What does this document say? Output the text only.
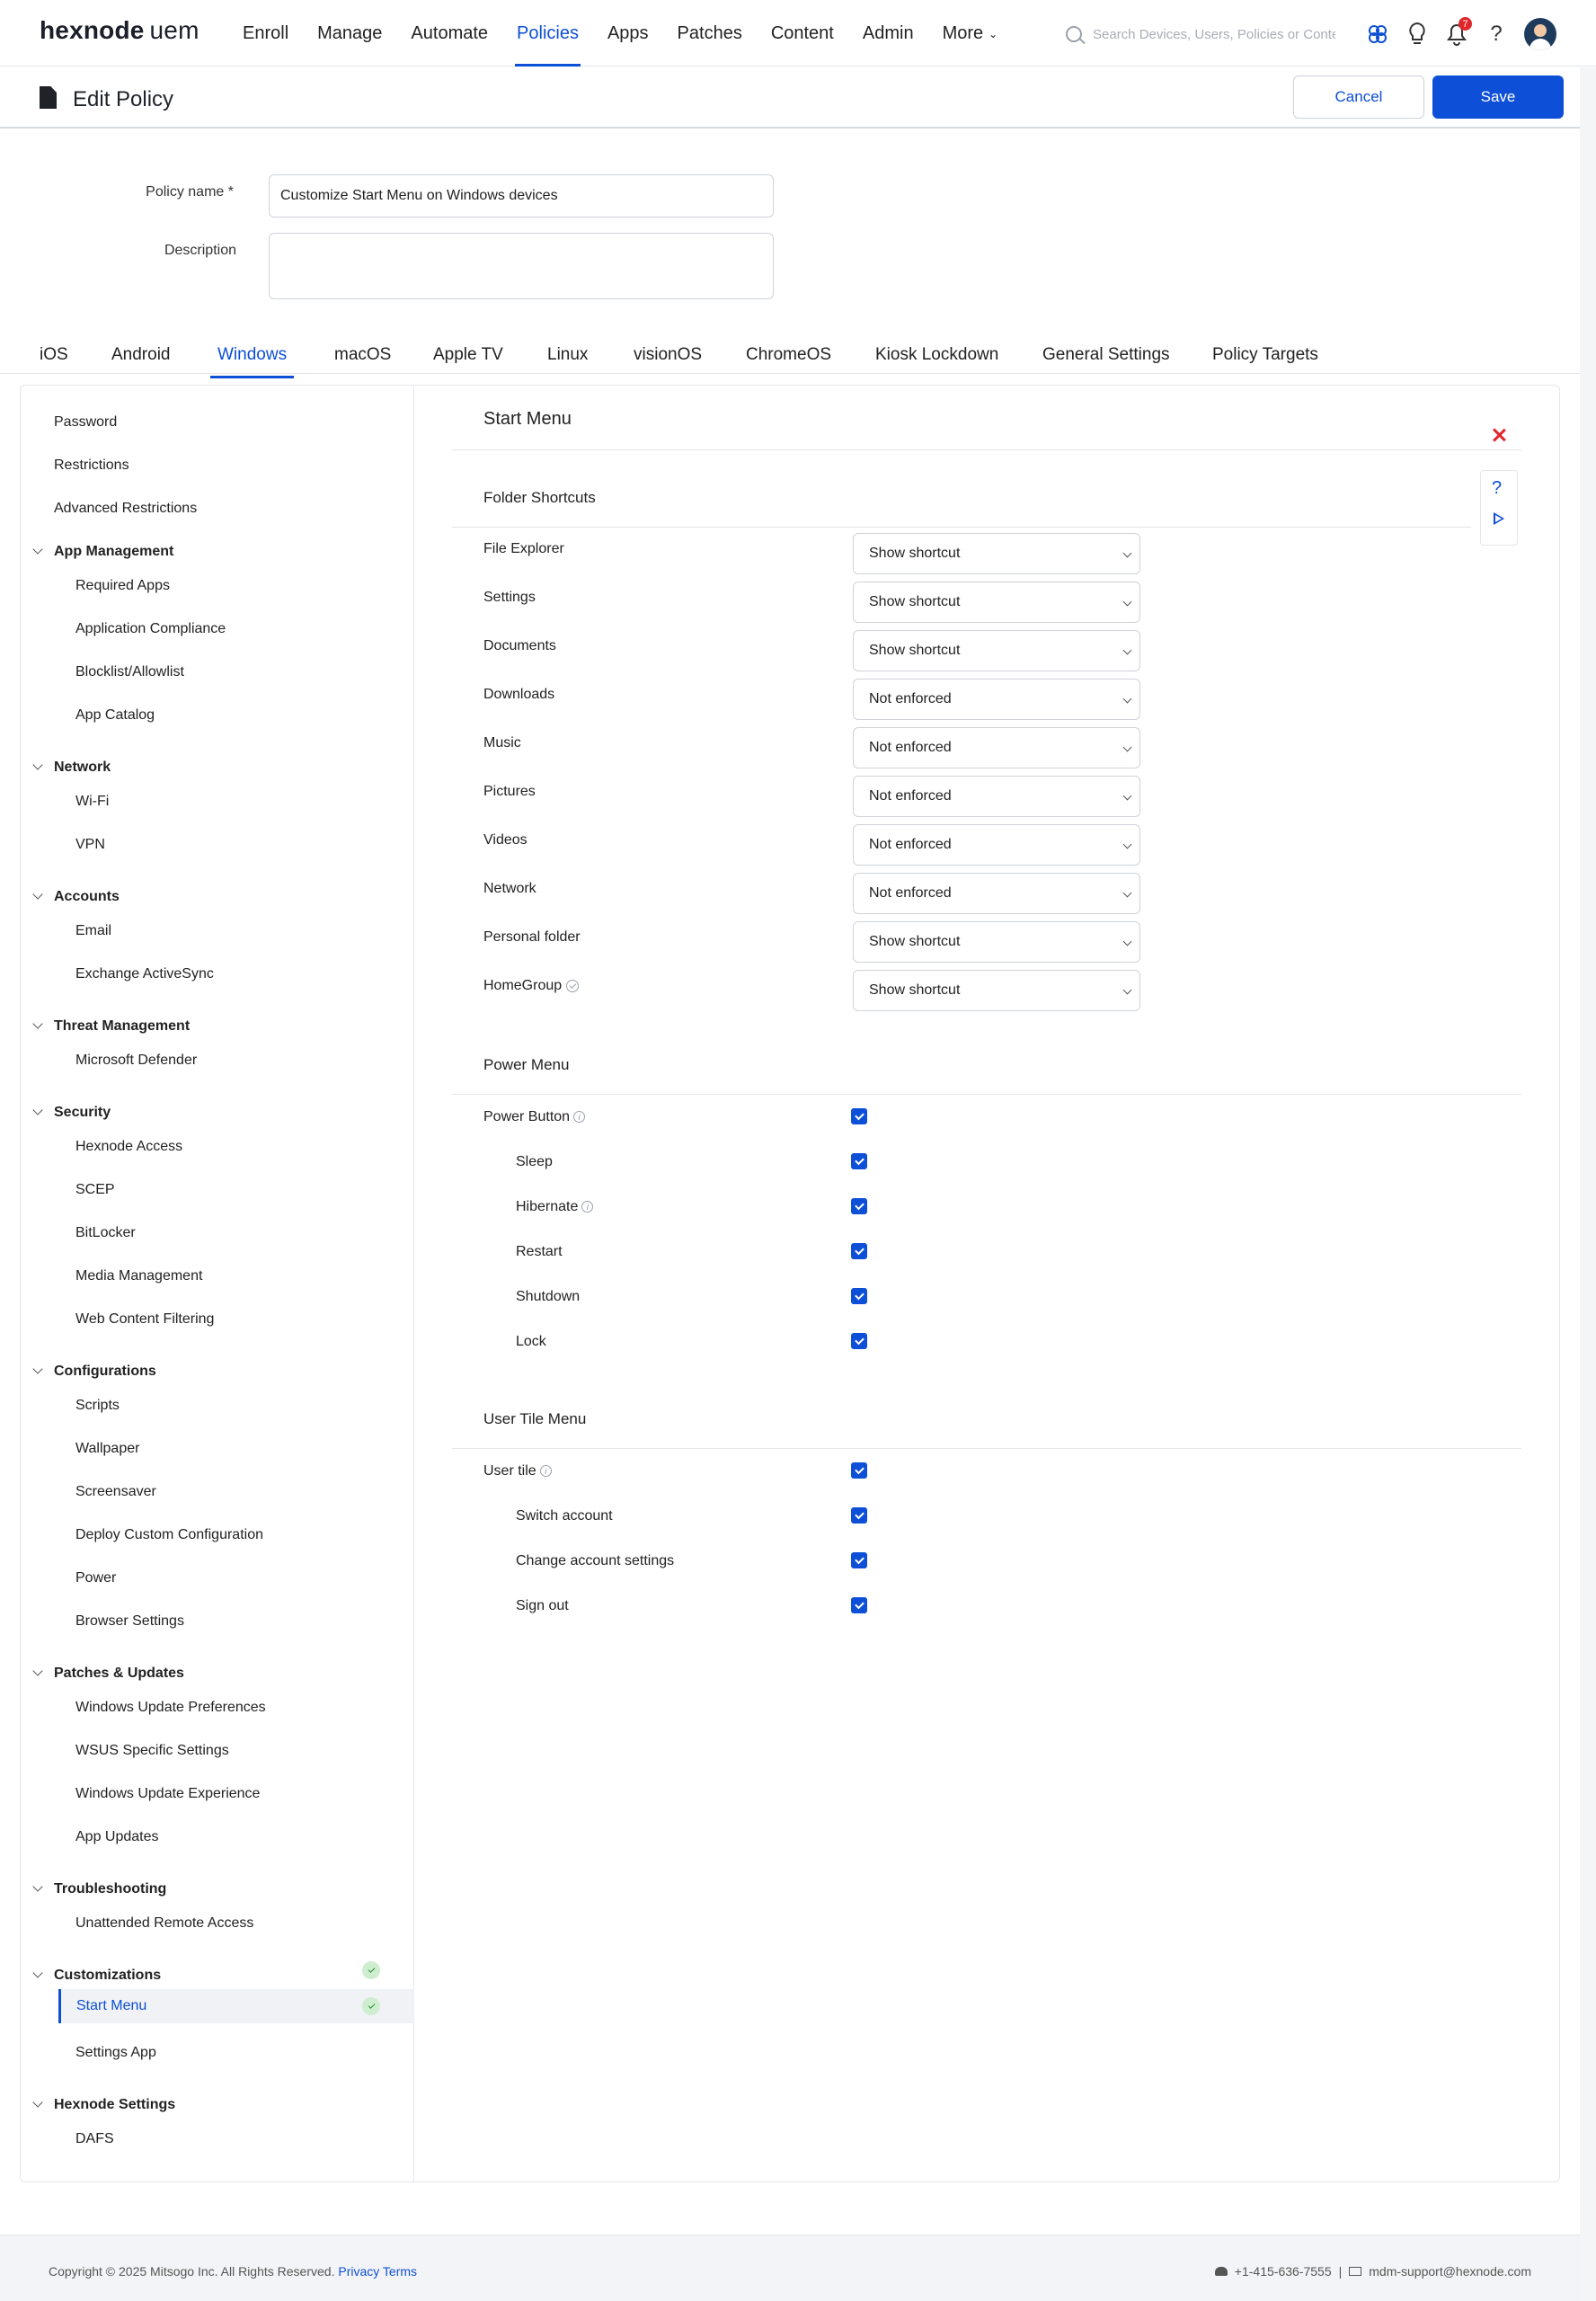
hexnode uem Enroll Manage Automate Policies Apps Patches Content Admin More ⌄
Search Devices, Users, Policies or Content
7 ?
Edit Policy	Cancel	Save
Policy name *
Customize Start Menu on Windows devices
Description
iOS	Android	Windows	macOS Apple TV	Linux	visionOS	ChromeOS	Kiosk Lockdown	General Settings Policy Targets
Password
Restrictions
Advanced Restrictions
App Management
Required Apps
Application Compliance
Blocklist/Allowlist
App Catalog
Network
Wi-Fi
VPN
Accounts
Email
Exchange ActiveSync
Threat Management
Microsoft Defender
Security
Hexnode Access
SCEP
BitLocker
Media Management
Web Content Filtering
Configurations
Scripts
Wallpaper
Screensaver
Deploy Custom Configuration
Power
Browser Settings
Patches & Updates
Windows Update Preferences
WSUS Specific Settings
Windows Update Experience
App Updates
Troubleshooting
Unattended Remote Access
Customizations
Start Menu
Settings App
Hexnode Settings
DAFS
Start Menu
?
Folder Shortcuts
File Explorer	Show shortcut
Settings	Show shortcut
Documents	Show shortcut
Downloads	Not enforced
Music	Not enforced
Pictures	Not enforced
Videos	Not enforced
Network	Not enforced
Personal folder	Show shortcut
HomeGroup	Show shortcut
Power Menu
Power Button i
Sleep
Hibernate i
Restart
Shutdown
Lock
User Tile Menu
User tile i
Switch account
Change account settings
Sign out
Copyright © 2025 Mitsogo Inc. All Rights Reserved. Privacy Terms	+1-415-636-7555 | mdm-support@hexnode.com
